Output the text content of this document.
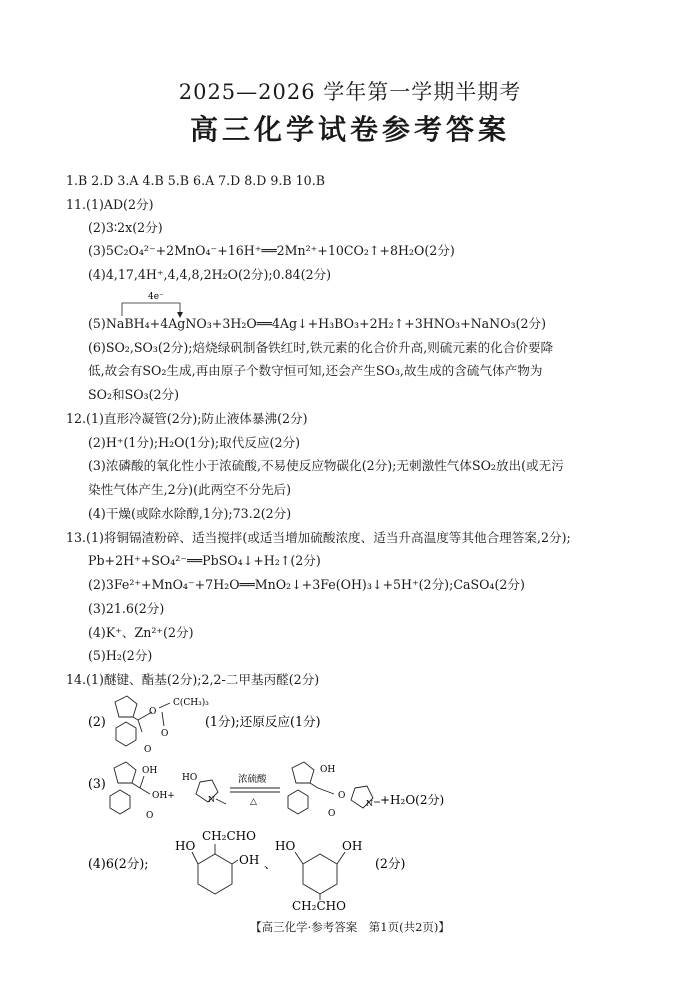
2025—2026 学年第一学期半期考
高三化学试卷参考答案
1.B 2.D 3.A 4.B 5.B 6.A 7.D 8.D 9.B 10.B
11.(1)AD(2分)
(2)3∶2x(2分)
(3)5C₂O₄²⁻+2MnO₄⁻+16H⁺══2Mn²⁺+10CO₂↑+8H₂O(2分)
(4)4,17,4H⁺,4,4,8,2H₂O(2分);0.84(2分)
4e⁻
(5)NaBH₄+4AgNO₃+3H₂O══4Ag↓+H₃BO₃+2H₂↑+3HNO₃+NaNO₃(2分)
(6)SO₂,SO₃(2分);焙烧绿矾制备铁红时,铁元素的化合价升高,则硫元素的化合价要降
低,故会有SO₂生成,再由原子个数守恒可知,还会产生SO₃,故生成的含硫气体产物为
SO₂和SO₃(2分)
12.(1)直形冷凝管(2分);防止液体暴沸(2分)
(2)H⁺(1分);H₂O(1分);取代反应(2分)
(3)浓磷酸的氧化性小于浓硫酸,不易使反应物碳化(2分);无刺激性气体SO₂放出(或无污
染性气体产生,2分)(此两空不分先后)
(4)干燥(或除水除醇,1分);73.2(2分)
13.(1)将铜镉渣粉碎、适当搅拌(或适当增加硫酸浓度、适当升高温度等其他合理答案,2分);
Pb+2H⁺+SO₄²⁻══PbSO₄↓+H₂↑(2分)
(2)3Fe²⁺+MnO₄⁻+7H₂O══MnO₂↓+3Fe(OH)₃↓+5H⁺(2分);CaSO₄(2分)
(3)21.6(2分)
(4)K⁺、Zn²⁺(2分)
(5)H₂(2分)
14.(1)醚键、酯基(2分);2,2-二甲基丙醛(2分)
(2)
O
C(CH₃)₃
O
O
(1分);还原反应(1分)
(3)
OH
OH+
O
HO
N
浓硫酸
△
OH
O
O
N +H₂O(2分)
(4)6(2分);
HO
CH₂CHO
OH 、
HO	OH
CH₂CHO
(2分)
【高三化学·参考答案　第1页(共2页)】
